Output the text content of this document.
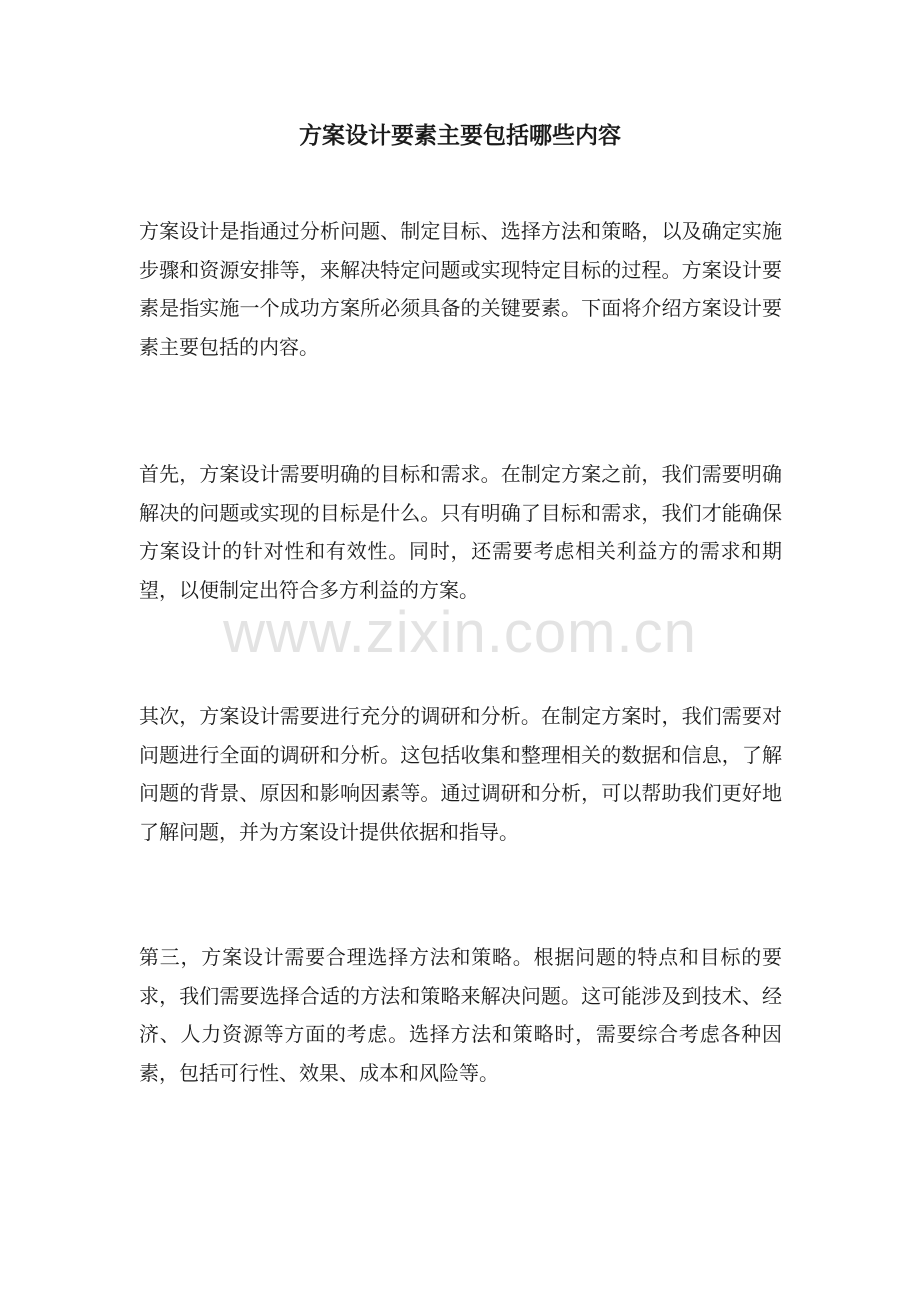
方案设计要素主要包括哪些内容

方案设计是指通过分析问题、制定目标、选择方法和策略，以及确定实施步骤和资源安排等，来解决特定问题或实现特定目标的过程。方案设计要素是指实施一个成功方案所必须具备的关键要素。下面将介绍方案设计要素主要包括的内容。

首先，方案设计需要明确的目标和需求。在制定方案之前，我们需要明确解决的问题或实现的目标是什么。只有明确了目标和需求，我们才能确保方案设计的针对性和有效性。同时，还需要考虑相关利益方的需求和期望，以便制定出符合多方利益的方案。

其次，方案设计需要进行充分的调研和分析。在制定方案时，我们需要对问题进行全面的调研和分析。这包括收集和整理相关的数据和信息，了解问题的背景、原因和影响因素等。通过调研和分析，可以帮助我们更好地了解问题，并为方案设计提供依据和指导。

第三，方案设计需要合理选择方法和策略。根据问题的特点和目标的要求，我们需要选择合适的方法和策略来解决问题。这可能涉及到技术、经济、人力资源等方面的考虑。选择方法和策略时，需要综合考虑各种因素，包括可行性、效果、成本和风险等。

www.zixin.com.cn
